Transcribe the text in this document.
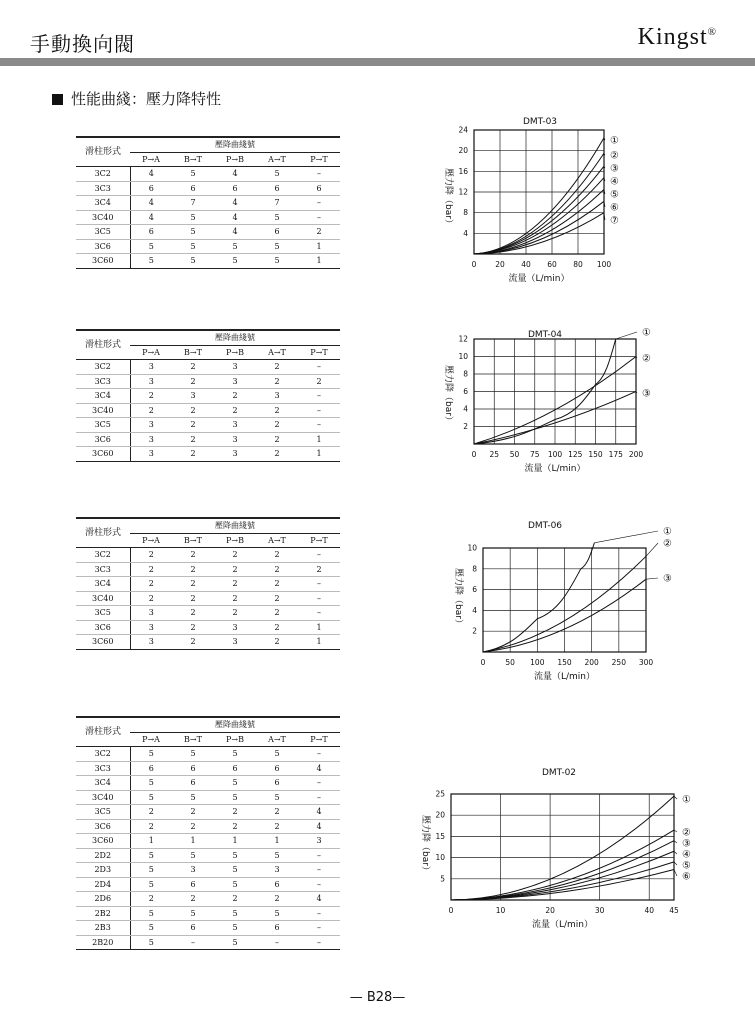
手動換向閥	Kingst®
性能曲綫：壓力降特性
滑柱形式	壓降曲綫號				
	P→A	B→T	P→B	A→T	P→T
3C2	4	5	4	5	–
3C3	6	6	6	6	6
3C4	4	7	4	7	–
3C40	4	5	4	5	–
3C5	6	5	4	6	2
3C6	5	5	5	5	1
3C60	5	5	5	5	1
滑柱形式	壓降曲綫號				
	P→A	B→T	P→B	A→T	P→T
3C2	3	2	3	2	–
3C3	3	2	3	2	2
3C4	2	3	2	3	–
3C40	2	2	2	2	–
3C5	3	2	3	2	–
3C6	3	2	3	2	1
3C60	3	2	3	2	1
滑柱形式	壓降曲綫號				
	P→A	B→T	P→B	A→T	P→T
3C2	2	2	2	2	–
3C3	2	2	2	2	2
3C4	2	2	2	2	–
3C40	2	2	2	2	–
3C5	3	2	2	2	–
3C6	3	2	3	2	1
3C60	3	2	3	2	1
滑柱形式	壓降曲綫號				
	P→A	B→T	P→B	A→T	P→T
3C2	5	5	5	5	–
3C3	6	6	6	6	4
3C4	5	6	5	6	–
3C40	5	5	5	5	–
3C5	2	2	2	2	4
3C6	2	2	2	2	4
3C60	1	1	1	1	3
2D2	5	5	5	5	–
2D3	5	3	5	3	–
2D4	5	6	5	6	–
2D6	2	2	2	2	4
2B2	5	5	5	5	–
2B3	5	6	5	6	–
2B20	5	–	5	–	–
0	20 40 60 80 100
4
8
12
16
20
24
DMT-03
流量（L/min）
壓力降（bar）
①
②
③
④
⑤
⑥
⑦
0 25 50 75 100 125 150 175 200
2
4
6
8
10
12	DMT-04
流量（L/min）
壓力降（bar）
①
②
③
0	50 100 150 200 250 300
2
4
6
8
10
DMT-06
流量（L/min）
壓力降（bar）
①
②
③
0	10	20	30	40 45
5
10
15
20
25
DMT-02
流量（L/min）
壓力降（bar）
①
②
③
④
⑤
⑥
— B28—
